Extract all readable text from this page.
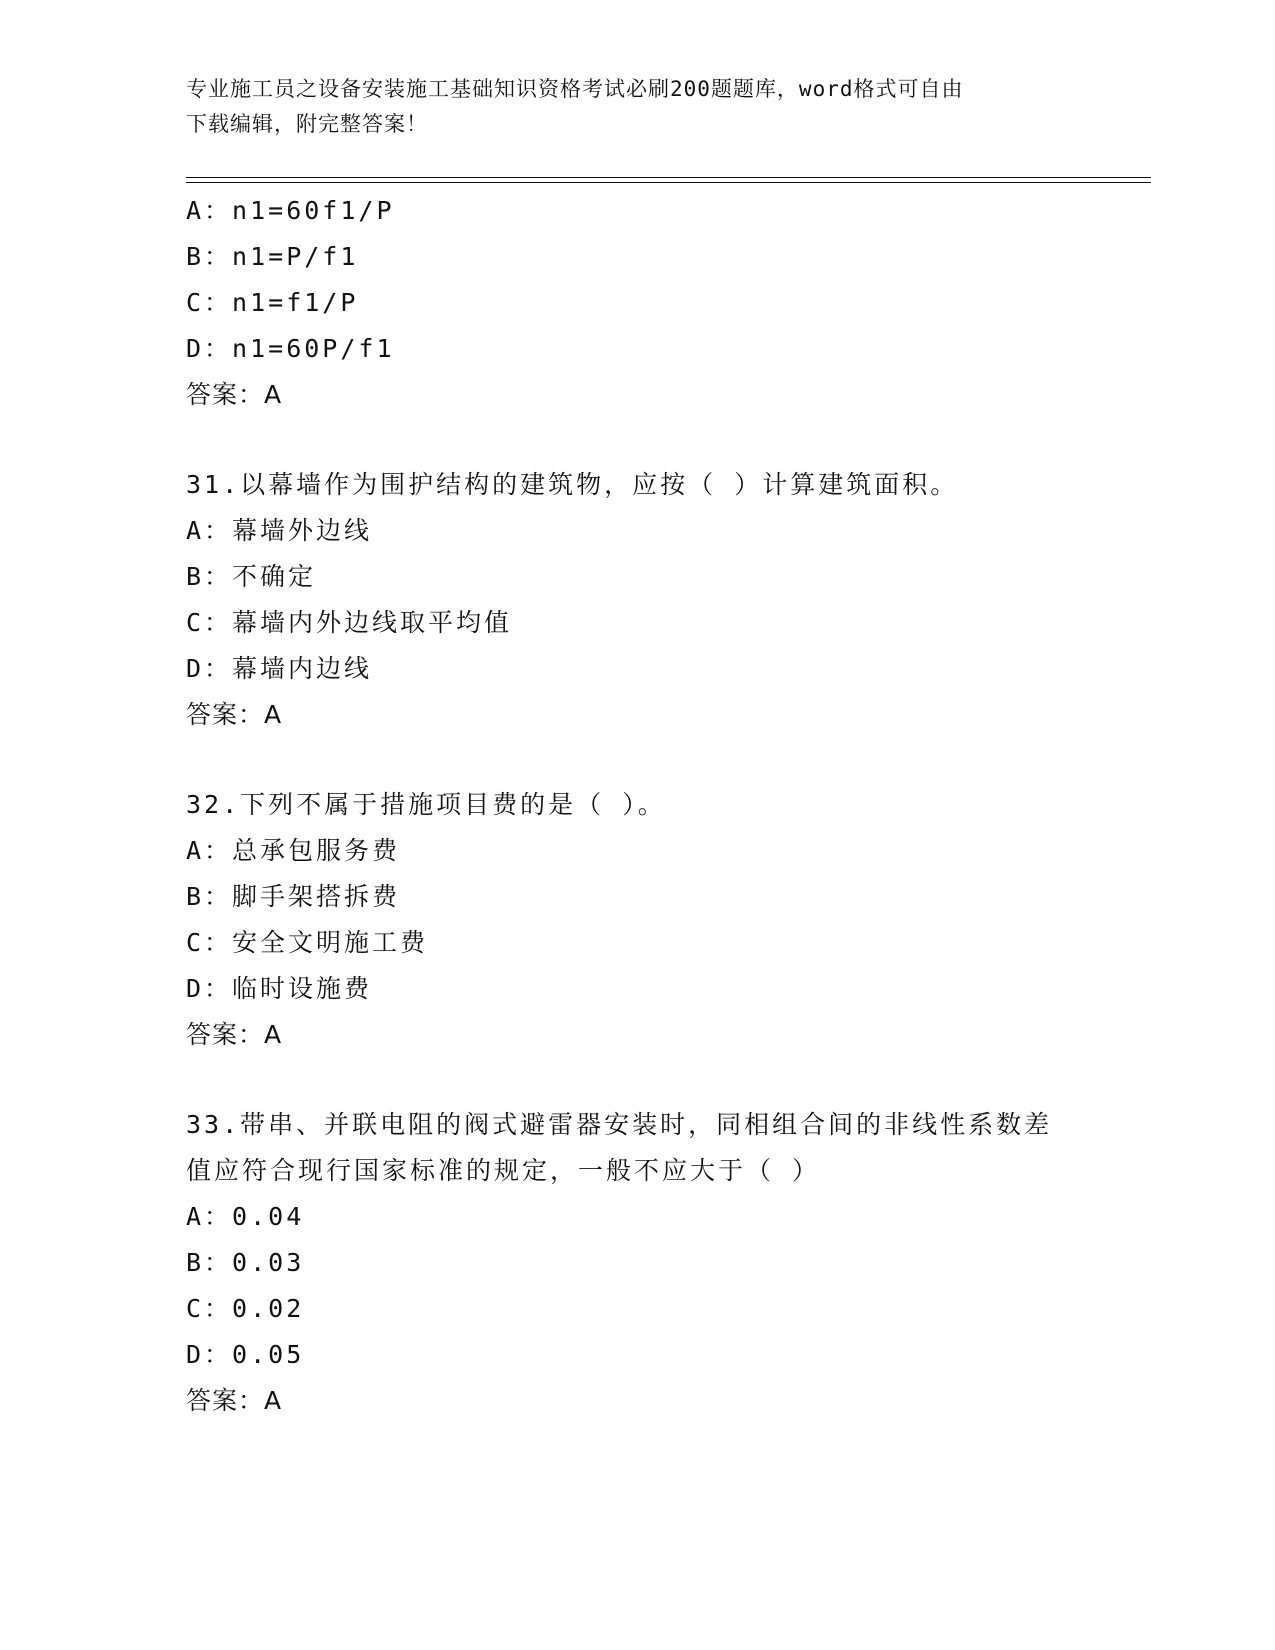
专业施工员之设备安装施工基础知识资格考试必刷200题题库，word格式可自由
下载编辑，附完整答案！
A：n1=60f1/P
B：n1=P/f1
C：n1=f1/P
D：n1=60P/f1
答案：A
31.以幕墙作为围护结构的建筑物，应按（ ）计算建筑面积。
A：幕墙外边线
B：不确定
C：幕墙内外边线取平均值
D：幕墙内边线
答案：A
32.下列不属于措施项目费的是（ ）。
A：总承包服务费
B：脚手架搭拆费
C：安全文明施工费
D：临时设施费
答案：A
33.带串、并联电阻的阀式避雷器安装时，同相组合间的非线性系数差
值应符合现行国家标准的规定，一般不应大于（ ）
A：0.04
B：0.03
C：0.02
D：0.05
答案：A
